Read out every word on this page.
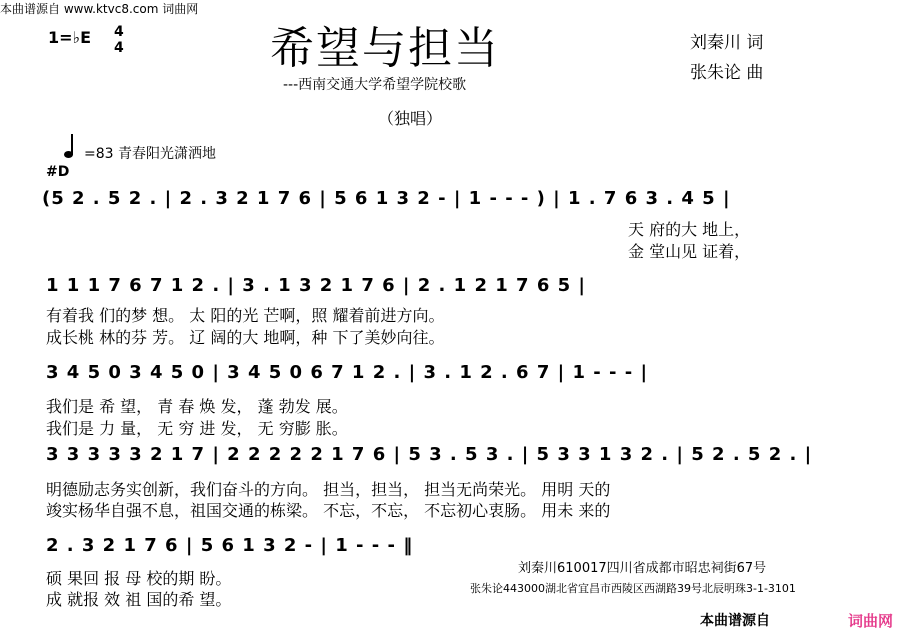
本曲谱源自 www.ktvc8.com 词曲网
1=♭E 4
4	希望与担当
---西南交通大学希望学院校歌
（独唱）
刘秦川 词
张朱论 曲
=83 青春阳光潇洒地
#D
(5 2 . 5 2 . | 2 . 3 2 1 7 6 | 5 6 1 3 2 - | 1 - - - ) | 1 . 7 6 3 . 4 5 |
天 府的大 地上，
金 堂山见 证着，
1 1 1 7 6 7 1 2 . | 3 . 1 3 2 1 7 6 | 2 . 1 2 1 7 6 5 |
有着我 们的梦 想。 太 阳的光 芒啊，照 耀着前进方向。
成长桃 林的芬 芳。 辽 阔的大 地啊，种 下了美妙向往。
3 4 5 0 3 4 5 0 | 3 4 5 0 6 7 1 2 . | 3 . 1 2 . 6 7 | 1 - - - |
我们是 希 望， 青 春 焕 发， 蓬 勃发 展。
我们是 力 量， 无 穷 进 发， 无 穷膨 胀。
3 3 3 3 3 2 1 7 | 2 2 2 2 2 1 7 6 | 5 3 . 5 3 . | 5 3 3 1 3 2 . | 5 2 . 5 2 . |
明德励志务实创新，我们奋斗的方向。 担当，担当， 担当无尚荣光。 用明 天的
竣实杨华自强不息，祖国交通的栋梁。 不忘，不忘， 不忘初心衷肠。 用未 来的
2 . 3 2 1 7 6 | 5 6 1 3 2 - | 1 - - - ‖
硕 果回 报 母 校的期 盼。
成 就报 效 祖 国的希 望。
刘秦川610017四川省成都市昭忠祠街67号
张朱论443000湖北省宜昌市西陵区西湖路39号北辰明珠3-1-3101
本曲谱源自	词曲网
